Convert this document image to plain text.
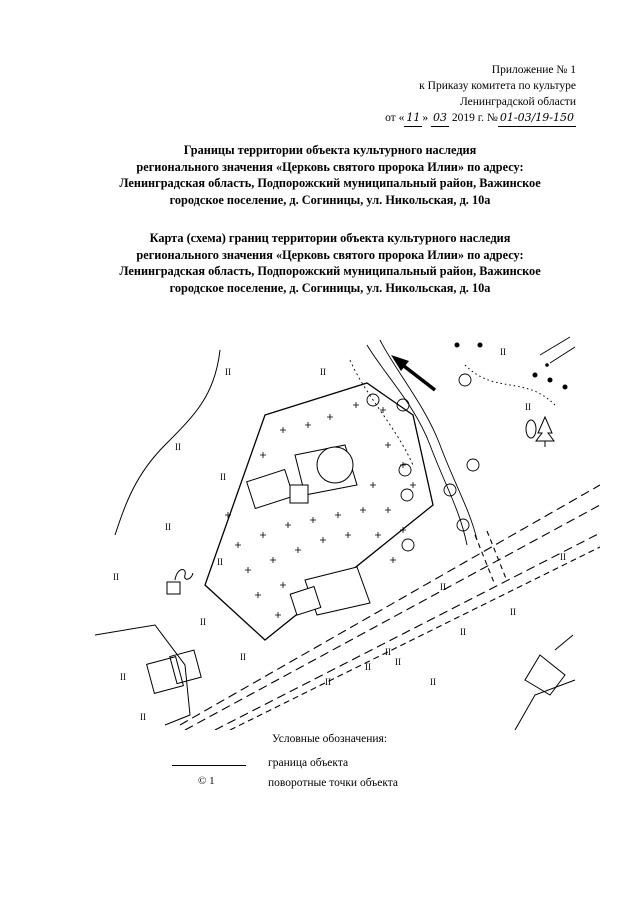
Приложение № 1
к Приказу комитета по культуре
Ленинградской области
от « 11 » 03 2019 г. № 01-03/19-150
Границы территории объекта культурного наследия
регионального значения «Церковь святого пророка Илии» по адресу:
Ленинградская область, Подпорожский муниципальный район, Важинское
городское поселение, д. Согиницы, ул. Никольская, д. 10а
Карта (схема) границ территории объекта культурного наследия
регионального значения «Церковь святого пророка Илии» по адресу:
Ленинградская область, Подпорожский муниципальный район, Важинское
городское поселение, д. Согиницы, ул. Никольская, д. 10а
II	II
II
II
II
II
II
II
II
II
II
II	II
II
II
II
II
II
II
II
II
II
Условные обозначения:
граница объекта
© 1	поворотные точки объекта
